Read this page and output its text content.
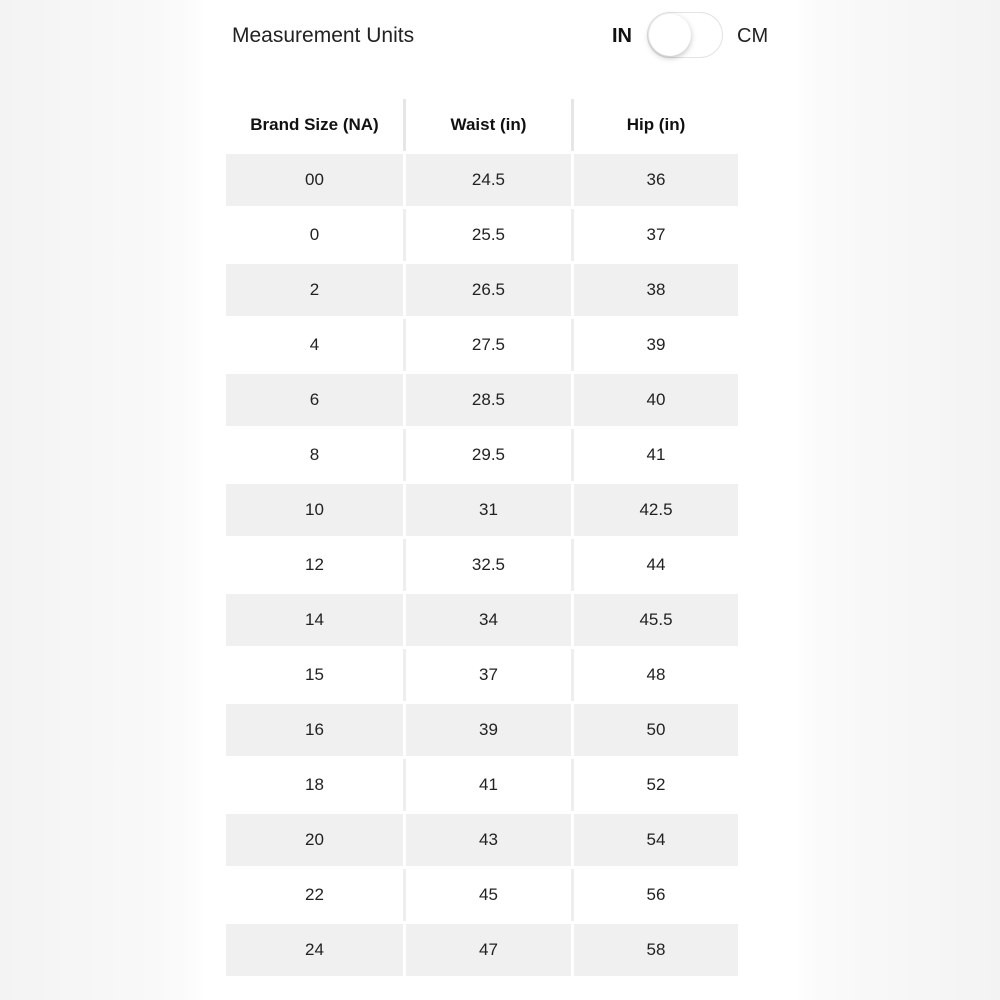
Measurement Units	IN	CM
Brand Size (NA)	Waist (in)	Hip (in)
00	24.5	36
0	25.5	37
2	26.5	38
4	27.5	39
6	28.5	40
8	29.5	41
10	31	42.5
12	32.5	44
14	34	45.5
15	37	48
16	39	50
18	41	52
20	43	54
22	45	56
24	47	58
